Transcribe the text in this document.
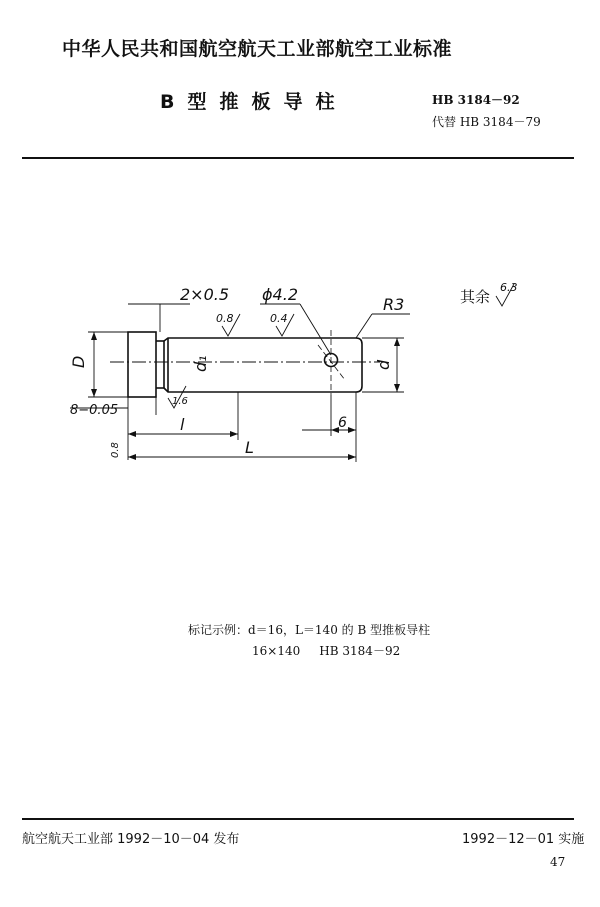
中华人民共和国航空航天工业部航空工业标准
B型推板导柱	HB 3184－92
代替 HB 3184－79
2×0.5 ϕ4.2
R3	其余
6.3
0.8	0.4
1.6
D	d₁	d
8−0.05
l
L
6
0.8
标记示例：d＝16，L＝140 的 B 型推板导柱
16×140     HB 3184－92
航空航天工业部 1992－10－04 发布	1992－12－01 实施
47
